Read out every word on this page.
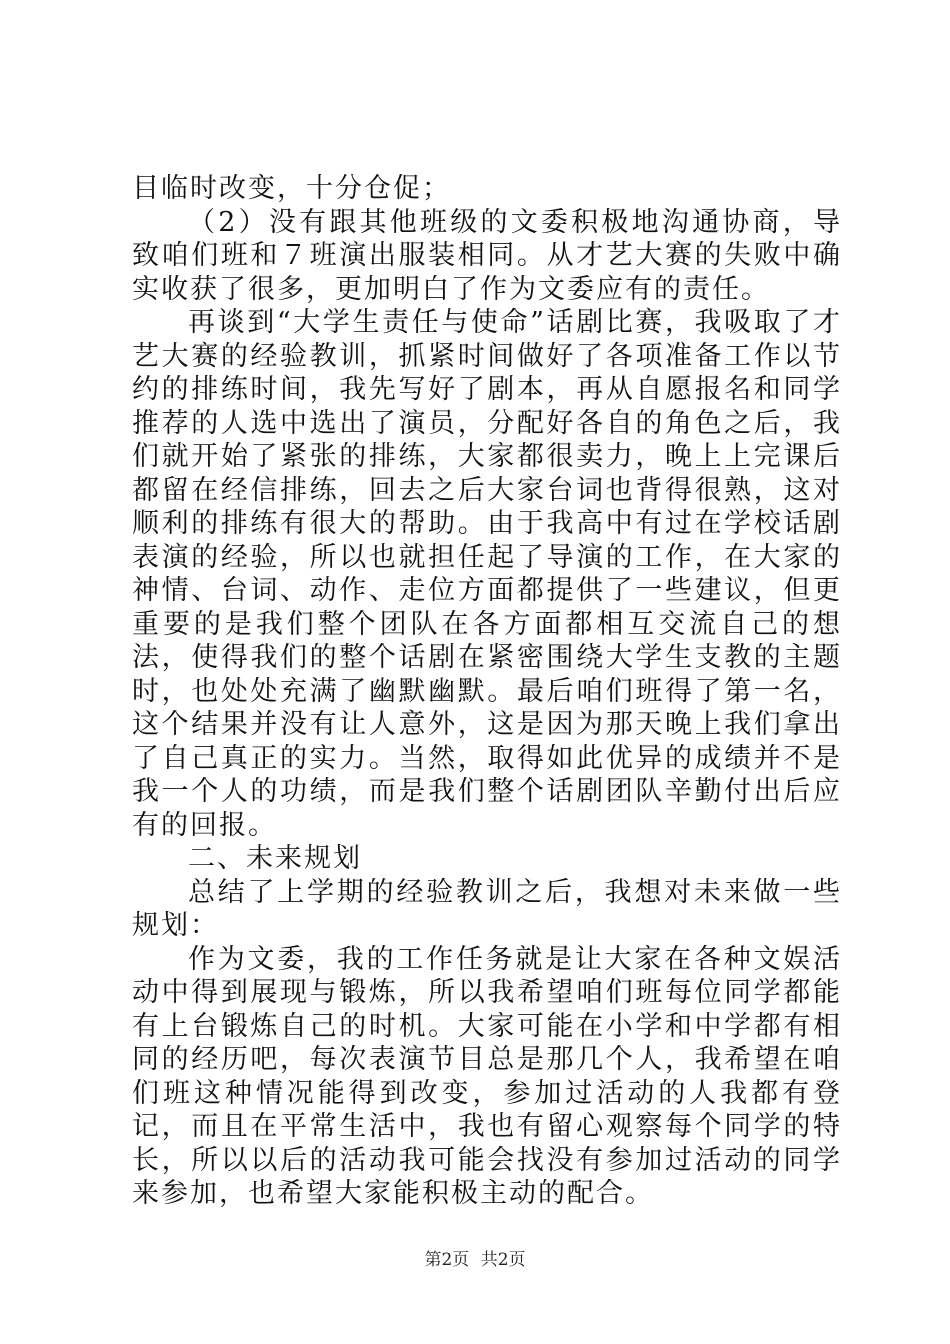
目临时改变，十分仓促；

（2）没有跟其他班级的文委积极地沟通协商，导致咱们班和７班演出服装相同。从才艺大赛的失败中确实收获了很多，更加明白了作为文委应有的责任。

再谈到“大学生责任与使命”话剧比赛，我吸取了才艺大赛的经验教训，抓紧时间做好了各项准备工作以节约的排练时间，我先写好了剧本，再从自愿报名和同学推荐的人选中选出了演员，分配好各自的角色之后，我们就开始了紧张的排练，大家都很卖力，晚上上完课后都留在经信排练，回去之后大家台词也背得很熟，这对顺利的排练有很大的帮助。由于我高中有过在学校话剧表演的经验，所以也就担任起了导演的工作，在大家的神情、台词、动作、走位方面都提供了一些建议，但更重要的是我们整个团队在各方面都相互交流自己的想法，使得我们的整个话剧在紧密围绕大学生支教的主题时，也处处充满了幽默幽默。最后咱们班得了第一名，这个结果并没有让人意外，这是因为那天晚上我们拿出了自己真正的实力。当然，取得如此优异的成绩并不是我一个人的功绩，而是我们整个话剧团队辛勤付出后应有的回报。

二、未来规划

总结了上学期的经验教训之后，我想对未来做一些规划：

作为文委，我的工作任务就是让大家在各种文娱活动中得到展现与锻炼，所以我希望咱们班每位同学都能有上台锻炼自己的时机。大家可能在小学和中学都有相同的经历吧，每次表演节目总是那几个人，我希望在咱们班这种情况能得到改变，参加过活动的人我都有登记，而且在平常生活中，我也有留心观察每个同学的特长，所以以后的活动我可能会找没有参加过活动的同学来参加，也希望大家能积极主动的配合。

第2页 共2页
